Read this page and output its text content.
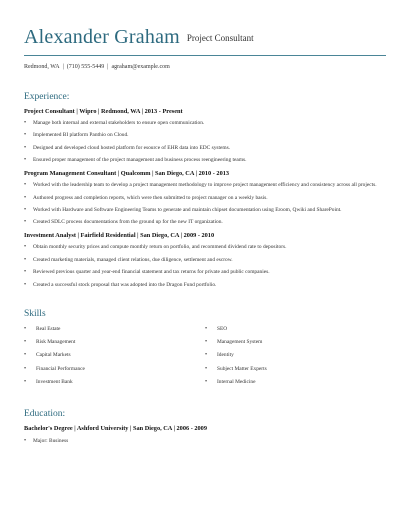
Alexander Graham Project Consultant
Redmond, WA | (710) 555-5449 | agraham@example.com
Experience:
Project Consultant | Wipro | Redmond, WA | 2013 - Present
• Manage both internal and external stakeholders to ensure open communication.
• Implemented BI platform Panthio on Cloud.
• Designed and developed cloud hosted platform for esource of EHR data into EDC systems.
• Ensured proper management of the project management and business process reengineering teams.
Program Management Consultant | Qualcomm | San Diego, CA | 2010 - 2013
• Worked with the leadership team to develop a project management methodology to improve project management efficiency and consistency across all projects.
• Authored progress and completion reports, which were then submitted to project manager on a weekly basis.
• Worked with Hardware and Software Engineering Teams to generate and maintain chipset documentation using Eroom, Qwiki and SharePoint.
• Created SDLC process documentations from the ground up for the new IT organization.
Investment Analyst | Fairfield Residential | San Diego, CA | 2009 - 2010
• Obtain monthly security prices and compute monthly return on portfolio, and recommend dividend rate to depositors.
• Created marketing materials, managed client relations, due diligence, settlement and escrow.
• Reviewed previous quarter and year-end financial statement and tax returns for private and public companies.
• Created a successful stock proposal that was adopted into the Dragon Fund portfolio.
Skills
• Real Estate
• Risk Management
• Capital Markets
• Financial Performance
• Investment Bank
• SEO
• Management System
• Identity
• Subject Matter Experts
• Internal Medicine
Education:
Bachelor's Degree | Ashford University | San Diego, CA | 2006 - 2009
• Major: Business
